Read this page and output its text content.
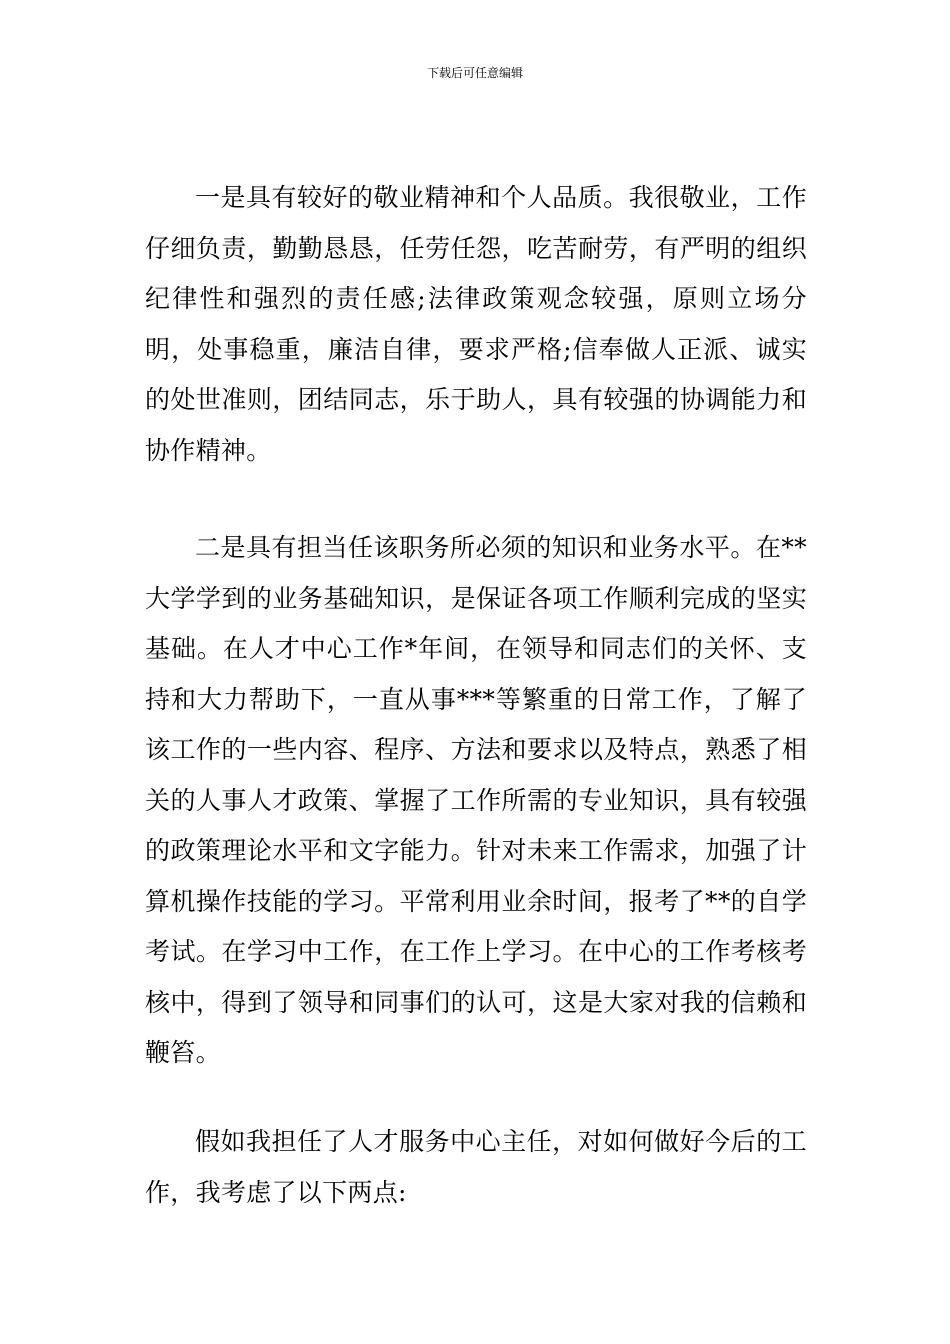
下载后可任意编辑

一是具有较好的敬业精神和个人品质。我很敬业，工作仔细负责，勤勤恳恳，任劳任怨，吃苦耐劳，有严明的组织纪律性和强烈的责任感;法律政策观念较强，原则立场分明，处事稳重，廉洁自律，要求严格;信奉做人正派、诚实的处世准则，团结同志，乐于助人，具有较强的协调能力和协作精神。

二是具有担当任该职务所必须的知识和业务水平。在**大学学到的业务基础知识，是保证各项工作顺利完成的坚实基础。在人才中心工作*年间，在领导和同志们的关怀、支持和大力帮助下，一直从事***等繁重的日常工作，了解了该工作的一些内容、程序、方法和要求以及特点，熟悉了相关的人事人才政策、掌握了工作所需的专业知识，具有较强的政策理论水平和文字能力。针对未来工作需求，加强了计算机操作技能的学习。平常利用业余时间，报考了**的自学考试。在学习中工作，在工作上学习。在中心的工作考核考核中，得到了领导和同事们的认可，这是大家对我的信赖和鞭笞。

假如我担任了人才服务中心主任，对如何做好今后的工作，我考虑了以下两点:
